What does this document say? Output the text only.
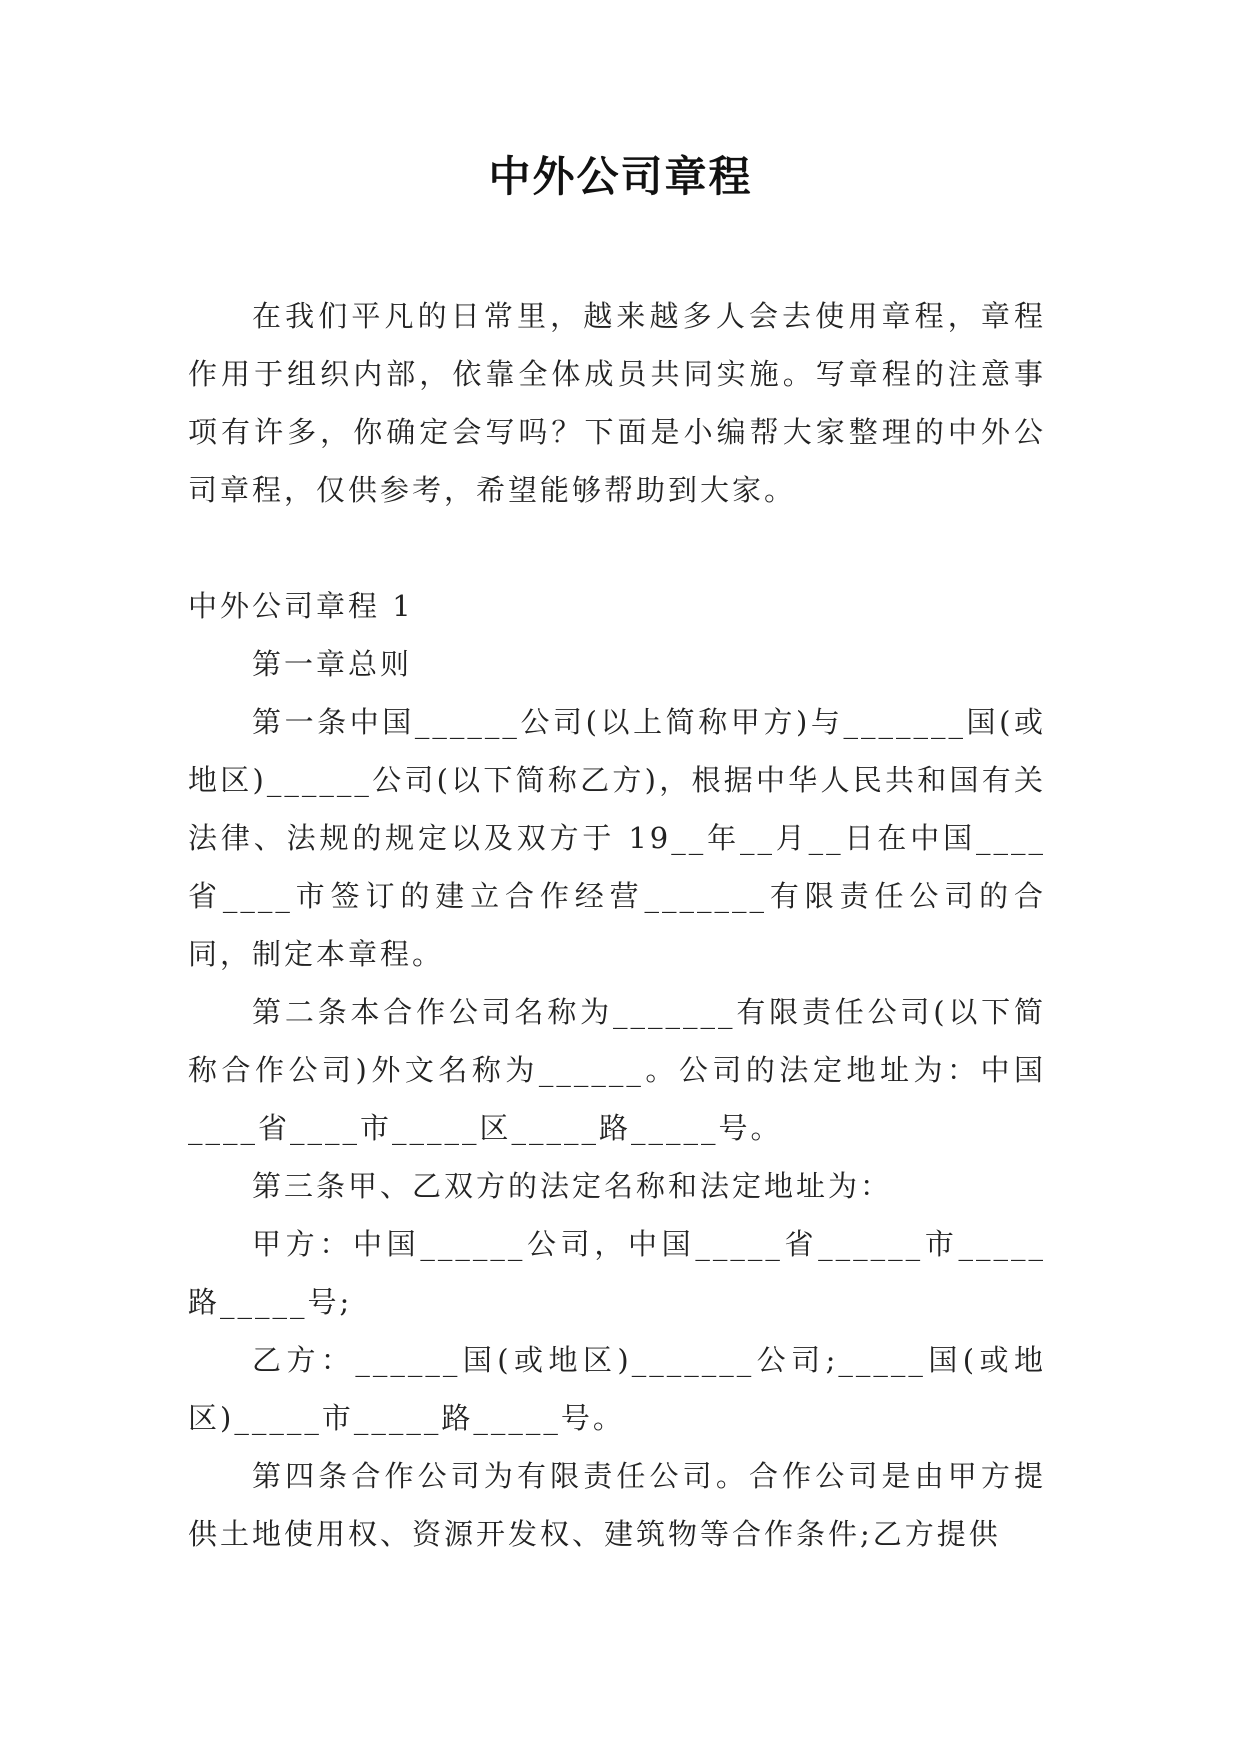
中外公司章程

在我们平凡的日常里，越来越多人会去使用章程，章程作用于组织内部，依靠全体成员共同实施。写章程的注意事项有许多，你确定会写吗？下面是小编帮大家整理的中外公司章程，仅供参考，希望能够帮助到大家。

中外公司章程 1

第一章总则

第一条中国______公司(以上简称甲方)与_______国(或地区)______公司(以下简称乙方)，根据中华人民共和国有关法律、法规的规定以及双方于 19__年__月__日在中国____省____市签订的建立合作经营_______有限责任公司的合同，制定本章程。

第二条本合作公司名称为_______有限责任公司(以下简称合作公司)外文名称为______。公司的法定地址为：中国____省____市_____区_____路_____号。

第三条甲、乙双方的法定名称和法定地址为：

甲方：中国______公司，中国_____省______市_____路_____号;

乙方：______国(或地区)_______公司;_____国(或地区)_____市_____路_____号。

第四条合作公司为有限责任公司。合作公司是由甲方提供土地使用权、资源开发权、建筑物等合作条件;乙方提供
